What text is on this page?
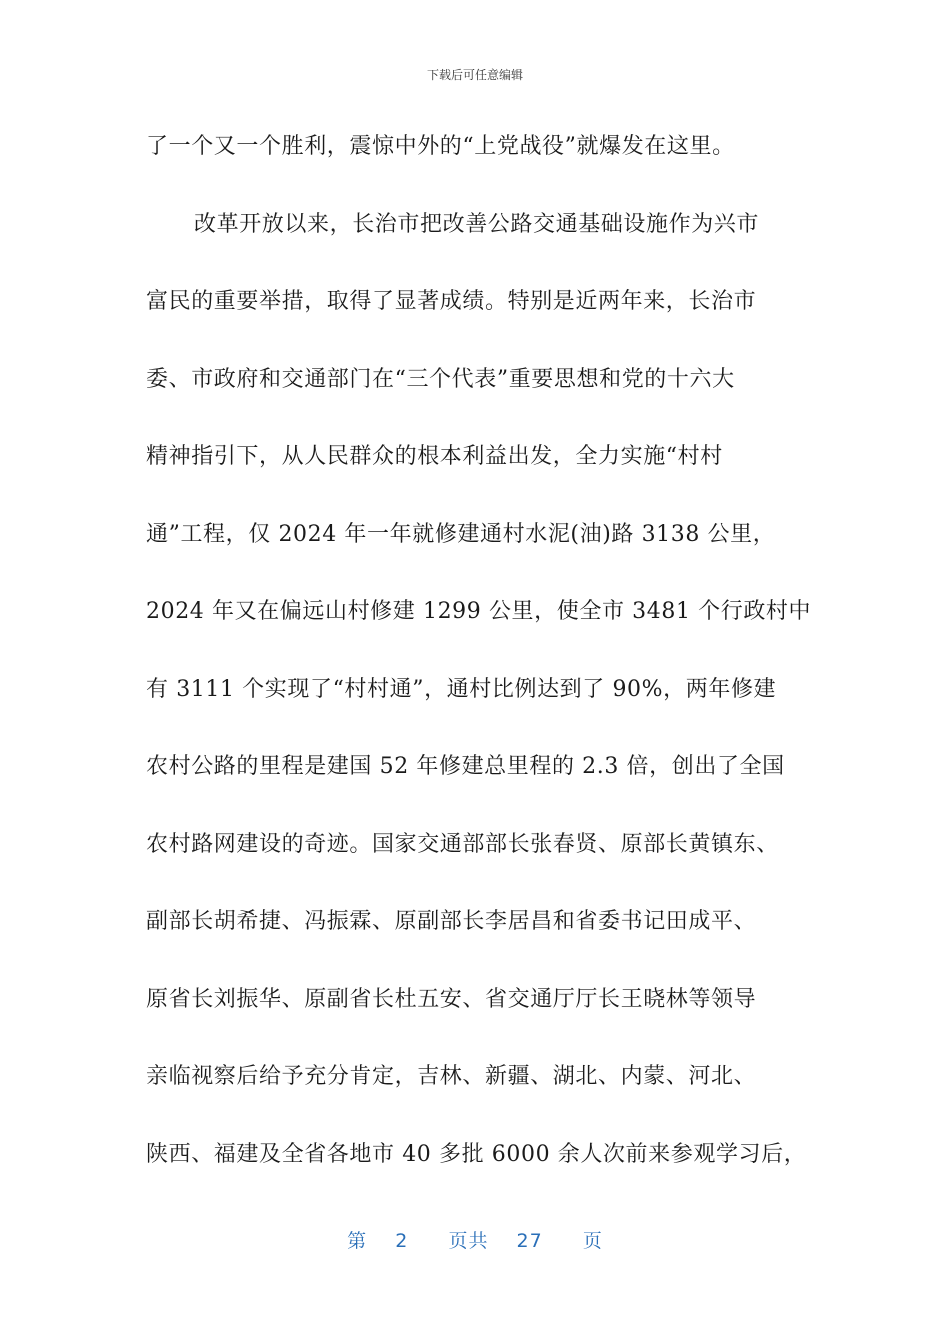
下载后可任意编辑
了一个又一个胜利，震惊中外的“上党战役”就爆发在这里。
改革开放以来，长治市把改善公路交通基础设施作为兴市
富民的重要举措，取得了显著成绩。特别是近两年来，长治市
委、市政府和交通部门在“三个代表”重要思想和党的十六大
精神指引下，从人民群众的根本利益出发，全力实施“村村
通”工程，仅 2024 年一年就修建通村水泥(油)路 3138 公里，
2024 年又在偏远山村修建 1299 公里，使全市 3481 个行政村中
有 3111 个实现了“村村通”，通村比例达到了 90%，两年修建
农村公路的里程是建国 52 年修建总里程的 2.3 倍，创出了全国
农村路网建设的奇迹。国家交通部部长张春贤、原部长黄镇东、
副部长胡希捷、冯振霖、原副部长李居昌和省委书记田成平、
原省长刘振华、原副省长杜五安、省交通厅厅长王晓林等领导
亲临视察后给予充分肯定，吉林、新疆、湖北、内蒙、河北、
陕西、福建及全省各地市 40 多批 6000 余人次前来参观学习后，
第 2 页共 27 页
